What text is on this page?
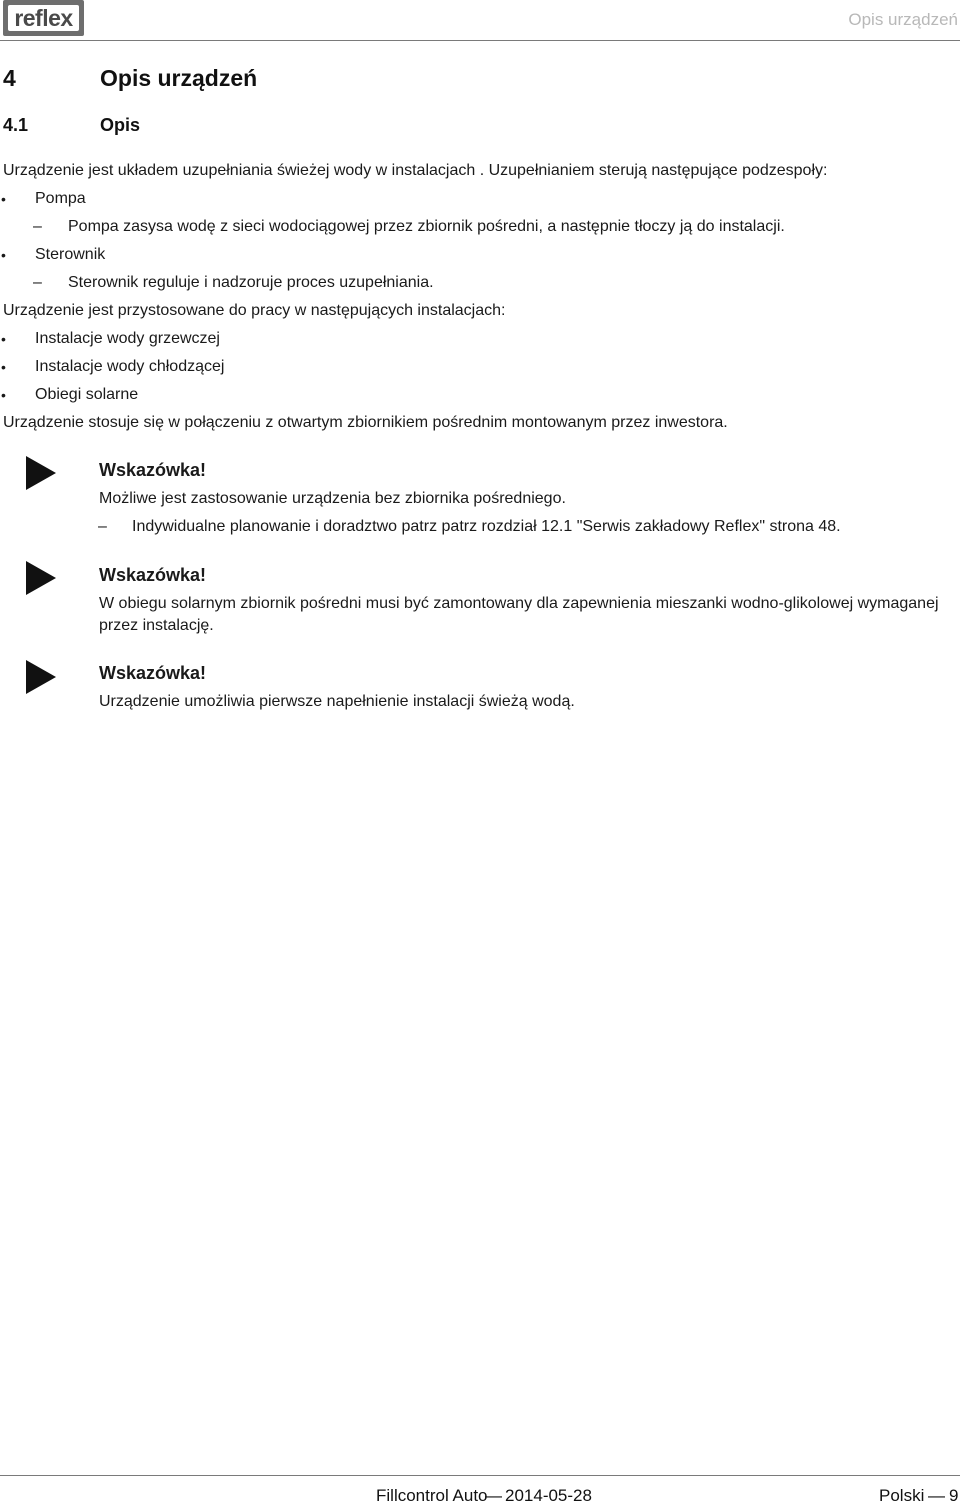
reflex	Opis urządzeń
4	Opis urządzeń
4.1	Opis
Urządzenie jest układem uzupełniania świeżej wody w instalacjach . Uzupełnianiem sterują następujące podzespoły:
• Pompa
– Pompa zasysa wodę z sieci wodociągowej przez zbiornik pośredni, a następnie tłoczy ją do instalacji.
• Sterownik
– Sterownik reguluje i nadzoruje proces uzupełniania.
Urządzenie jest przystosowane do pracy w następujących instalacjach:
• Instalacje wody grzewczej
• Instalacje wody chłodzącej
• Obiegi solarne
Urządzenie stosuje się w połączeniu z otwartym zbiornikiem pośrednim montowanym przez inwestora.
Wskazówka!
Możliwe jest zastosowanie urządzenia bez zbiornika pośredniego.
– Indywidualne planowanie i doradztwo patrz patrz rozdział 12.1 "Serwis zakładowy Reflex" strona 48.
Wskazówka!
W obiegu solarnym zbiornik pośredni musi być zamontowany dla zapewnienia mieszanki wodno-glikolowej wymaganej
przez instalację.
Wskazówka!
Urządzenie umożliwia pierwsze napełnienie instalacji świeżą wodą.
Fillcontrol Auto
— 2014-05-28	Polski — 9
